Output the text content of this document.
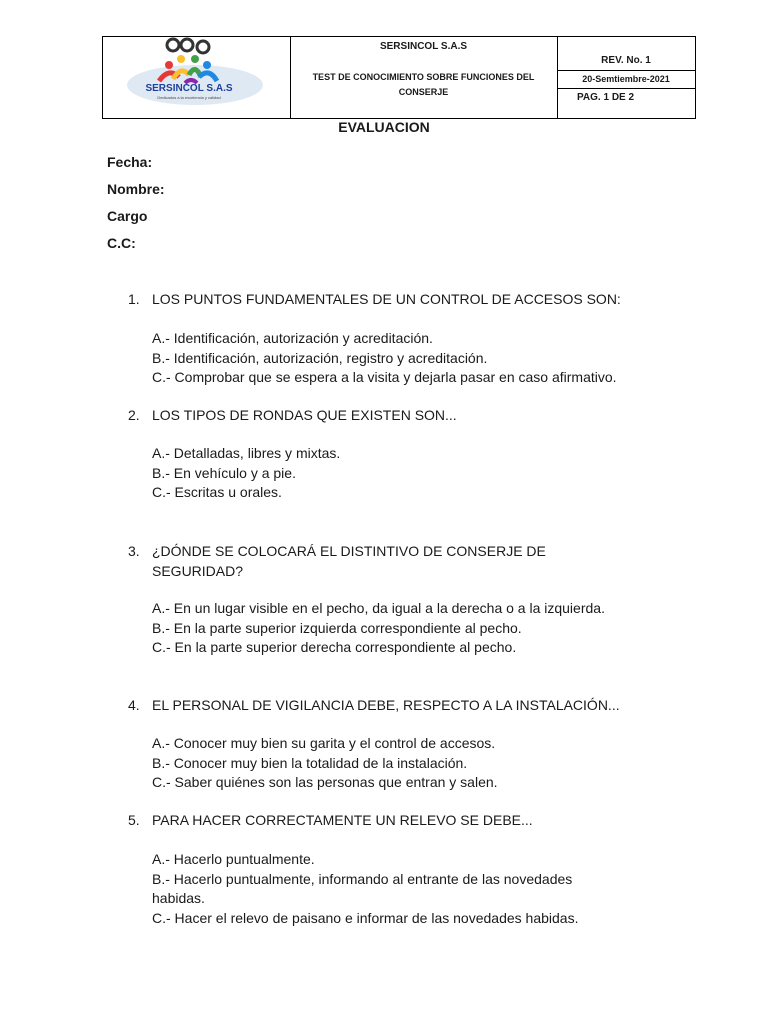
SERSINCOL S.A.S
Dedicados a la excelencia y calidad
SERSINCOL S.A.S
TEST DE CONOCIMIENTO SOBRE FUNCIONES DEL
CONSERJE
REV. No. 1
20-Semtiembre-2021
PAG. 1 DE 2
EVALUACION
Fecha:
Nombre:
Cargo
C.C:
1. LOS PUNTOS FUNDAMENTALES DE UN CONTROL DE ACCESOS SON:
A.- Identificación, autorización y acreditación.
B.- Identificación, autorización, registro y acreditación.
C.- Comprobar que se espera a la visita y dejarla pasar en caso afirmativo.
2. LOS TIPOS DE RONDAS QUE EXISTEN SON...
A.- Detalladas, libres y mixtas.
B.- En vehículo y a pie.
C.- Escritas u orales.
3. ¿DÓNDE SE COLOCARÁ EL DISTINTIVO DE CONSERJE DE
SEGURIDAD?
A.- En un lugar visible en el pecho, da igual a la derecha o a la izquierda.
B.- En la parte superior izquierda correspondiente al pecho.
C.- En la parte superior derecha correspondiente al pecho.
4. EL PERSONAL DE VIGILANCIA DEBE, RESPECTO A LA INSTALACIÓN...
A.- Conocer muy bien su garita y el control de accesos.
B.- Conocer muy bien la totalidad de la instalación.
C.- Saber quiénes son las personas que entran y salen.
5. PARA HACER CORRECTAMENTE UN RELEVO SE DEBE...
A.- Hacerlo puntualmente.
B.- Hacerlo puntualmente, informando al entrante de las novedades
habidas.
C.- Hacer el relevo de paisano e informar de las novedades habidas.
